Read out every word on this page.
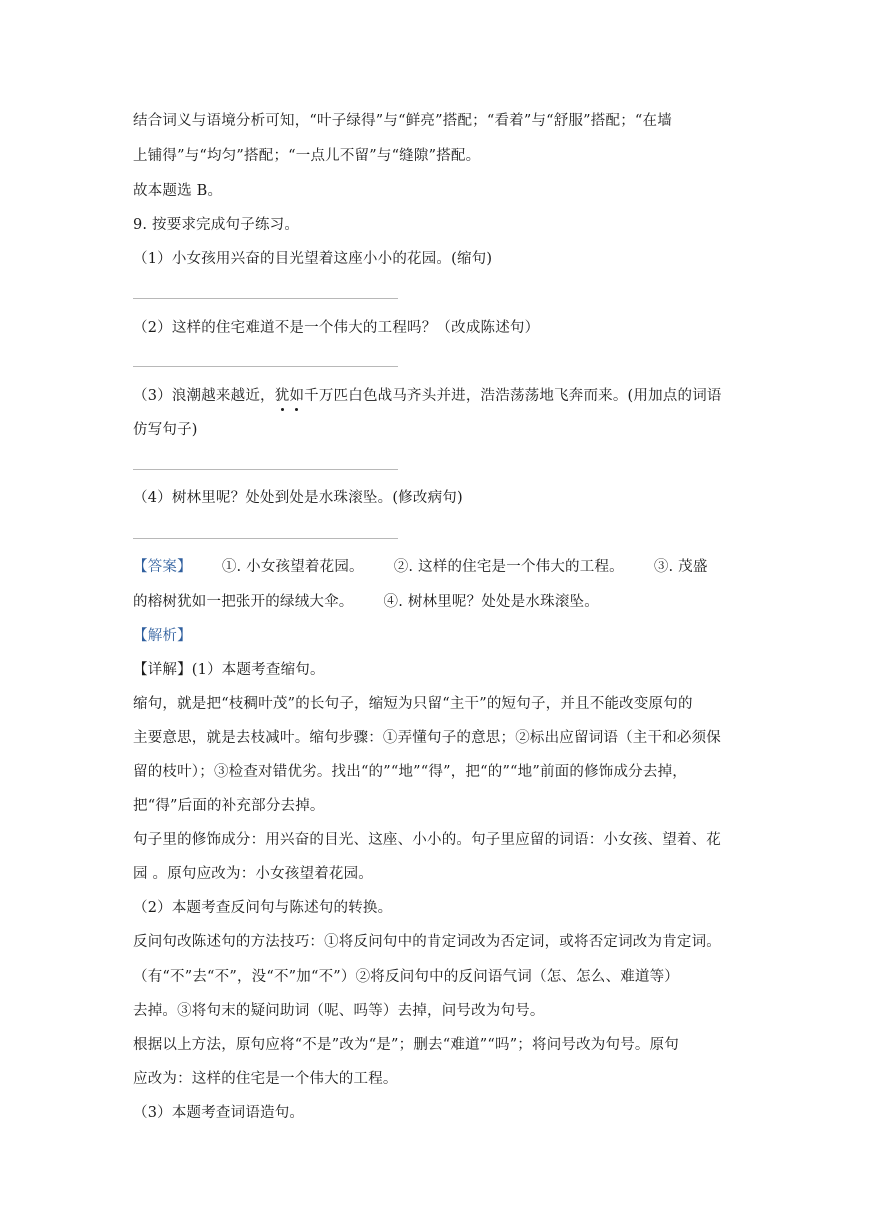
结合词义与语境分析可知，“叶子绿得”与“鲜亮”搭配；“看着”与“舒服”搭配；“在墙
上铺得”与“均匀”搭配；“一点儿不留”与“缝隙”搭配。
故本题选 B。
9. 按要求完成句子练习。
（1）小女孩用兴奋的目光望着这座小小的花园。(缩句)
（2）这样的住宅难道不是一个伟大的工程吗？（改成陈述句）
（3）浪潮越来越近，犹如千万匹白色战马齐头并进，浩浩荡荡地飞奔而来。(用加点的词语
仿写句子)
（4）树林里呢？处处到处是水珠滚坠。(修改病句)
【答案】 ①. 小女孩望着花园。 ②. 这样的住宅是一个伟大的工程。 ③. 茂盛
的榕树犹如一把张开的绿绒大伞。 ④. 树林里呢？处处是水珠滚坠。
【解析】
【详解】(1）本题考查缩句。
缩句，就是把“枝稠叶茂”的长句子，缩短为只留“主干”的短句子，并且不能改变原句的
主要意思，就是去枝减叶。缩句步骤：①弄懂句子的意思；②标出应留词语（主干和必须保
留的枝叶）；③检查对错优劣。找出“的”“地”“得”，把“的”“地”前面的修饰成分去掉，
把“得”后面的补充部分去掉。
句子里的修饰成分：用兴奋的目光、这座、小小的。句子里应留的词语：小女孩、望着、花
园 。原句应改为：小女孩望着花园。
（2）本题考查反问句与陈述句的转换。
反问句改陈述句的方法技巧：①将反问句中的肯定词改为否定词，或将否定词改为肯定词。
（有“不”去“不”，没“不”加“不”）②将反问句中的反问语气词（怎、怎么、难道等）
去掉。③将句末的疑问助词（呢、吗等）去掉，问号改为句号。
根据以上方法，原句应将“不是”改为“是”；删去“难道”“吗”；将问号改为句号。原句
应改为：这样的住宅是一个伟大的工程。
（3）本题考查词语造句。
